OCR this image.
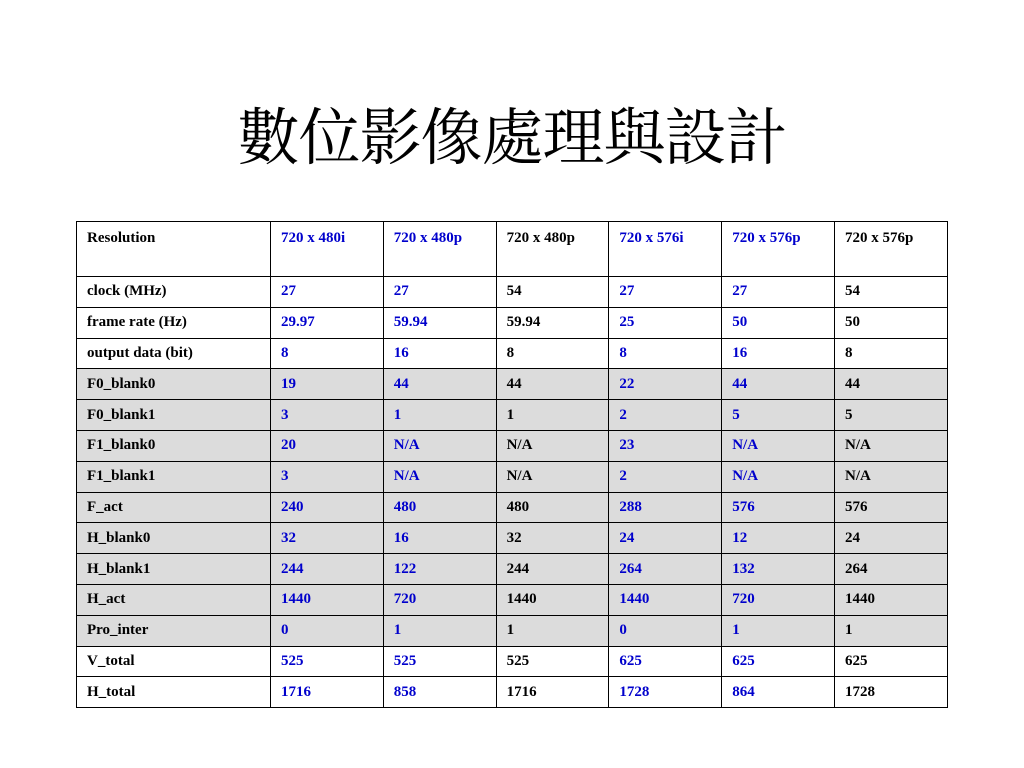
數位影像處理與設計
Resolution	720 x 480i	720 x 480p	720 x 480p	720 x 576i	720 x 576p	720 x 576p
clock (MHz)	27	27	54	27	27	54
frame rate (Hz)	29.97	59.94	59.94	25	50	50
output data (bit)	8	16	8	8	16	8
F0_blank0	19	44	44	22	44	44
F0_blank1	3	1	1	2	5	5
F1_blank0	20	N/A	N/A	23	N/A	N/A
F1_blank1	3	N/A	N/A	2	N/A	N/A
F_act	240	480	480	288	576	576
H_blank0	32	16	32	24	12	24
H_blank1	244	122	244	264	132	264
H_act	1440	720	1440	1440	720	1440
Pro_inter	0	1	1	0	1	1
V_total	525	525	525	625	625	625
H_total	1716	858	1716	1728	864	1728
